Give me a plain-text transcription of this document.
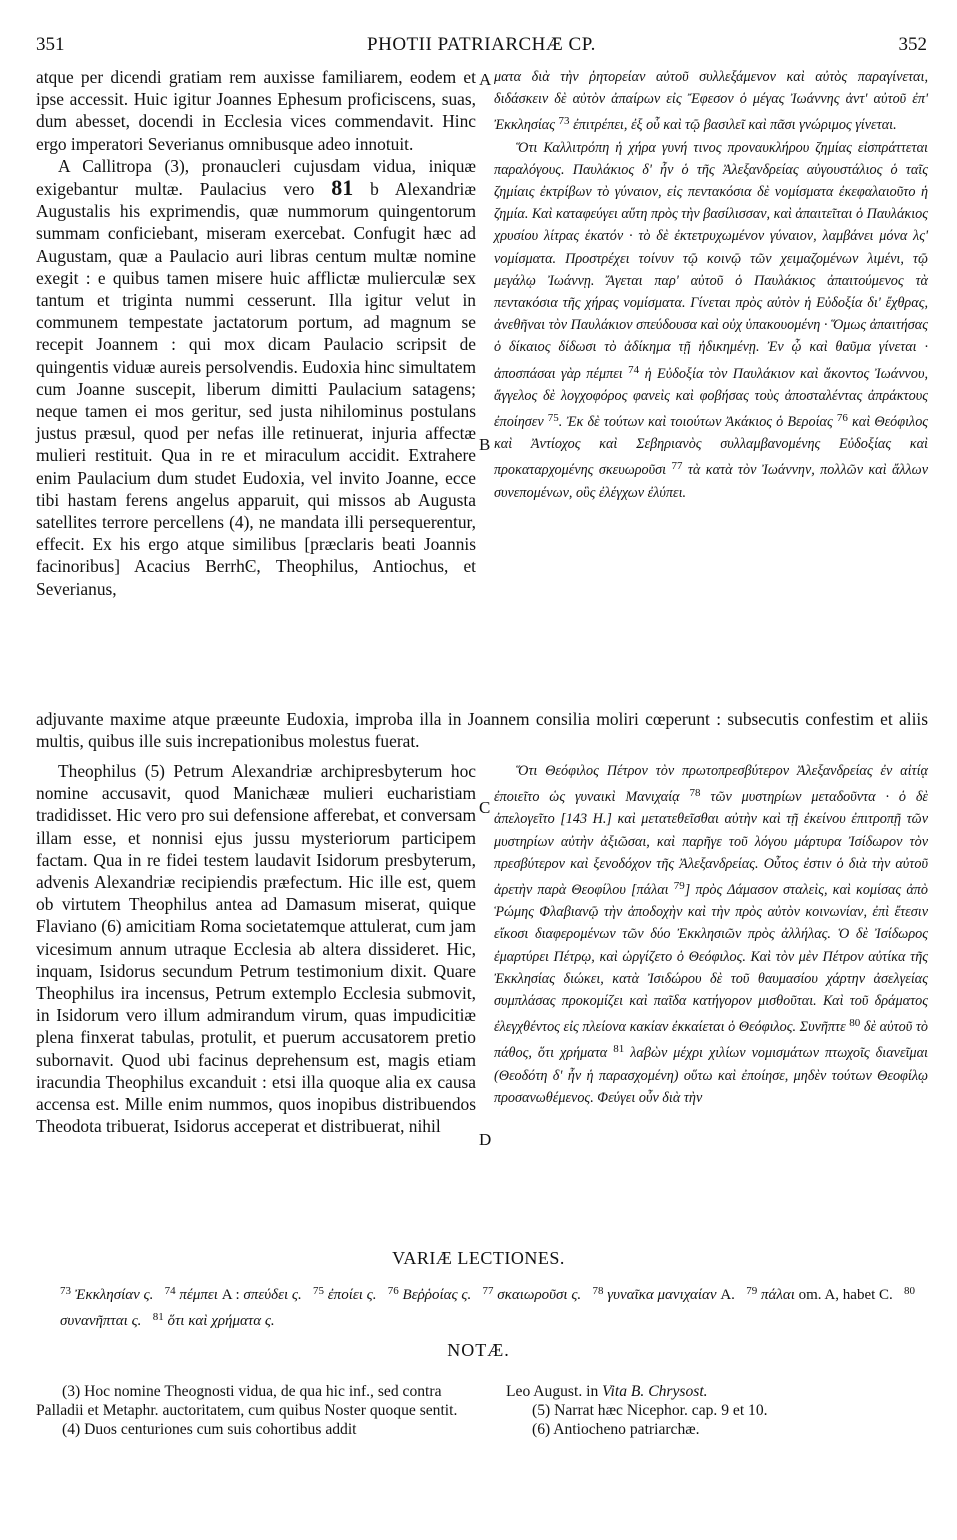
351	PHOTII PATRIARCHÆ CP.	352
A
B
C
D

atque per dicendi gratiam rem auxisse familiarem, eodem et ipse accessit. Huic igitur Joannes Ephesum proficiscens, suas, dum abesset, docendi in Ecclesia vices commendavit. Hinc ergo imperatori Severianus omnibusque adeo innotuit.

A Callitropa (3), pronaucleri cujusdam vidua, iniquæ exigebantur multæ. Paulacius vero 81 b Alexandriæ Augustalis his exprimendis, quæ nummorum quingentorum summam conficiebant, miseram exercebat. Confugit hæc ad Augustam, quæ a Paulacio auri libras centum multæ nomine exegit : e quibus tamen misere huic afflictæ mulierculæ sex tantum et triginta nummi cesserunt. Illa igitur velut in communem tempestate jactatorum portum, ad magnum se recepit Joannem : qui mox dicam Paulacio scripsit de quingentis viduæ aureis persolvendis. Eudoxia hinc simultatem cum Joanne suscepit, liberum dimitti Paulacium satagens; neque tamen ei mos geritur, sed justa nihilominus postulans justus præsul, quod per nefas ille retinuerat, injuria affectæ mulieri restituit. Qua in re et miraculum accidit. Extrahere enim Paulacium dum studet Eudoxia, vel invito Joanne, ecce tibi hastam ferens angelus apparuit, qui missos ab Augusta satellites terrore percellens (4), ne mandata illi persequerentur, effecit. Ex his ergo atque similibus [præclaris beati Joannis facinoribus] Acacius BerrhϾ, Theophilus, Antiochus, et Severianus,

ματα διὰ τὴν ῥητορείαν αὐτοῦ συλλεξάμενον καὶ αὐτὸς παραγίνεται, διδάσκειν δὲ αὐτὸν ἀπαίρων εἰς Ἔφεσον ὁ μέγας Ἰωάννης ἀντ' αὐτοῦ ἐπ' Ἐκκλησίας $^{73}$ ἐπιτρέπει, ἐξ οὗ καὶ τῷ βασιλεῖ καὶ πᾶσι γνώριμος γίνεται.

Ὅτι Καλλιτρόπη ἡ χήρα γυνή τινος προναυκλήρου ζημίας εἰσπράττεται παραλόγους. Παυλάκιος δ' ἦν ὁ τῆς Ἀλεξανδρείας αὐγουστάλιος ὁ ταῖς ζημίαις ἐκτρίβων τὸ γύναιον, εἰς πεντακόσια δὲ νομίσματα ἐκεφαλαιοῦτο ἡ ζημία. Καὶ καταφεύγει αὕτη πρὸς τὴν βασίλισσαν, καὶ ἀπαιτεῖται ὁ Παυλάκιος χρυσίου λίτρας ἑκατόν · τὸ δὲ ἐκτετρυχωμένον γύναιον, λαμβάνει μόνα λς' νομίσματα. Προστρέχει τοίνυν τῷ κοινῷ τῶν χειμαζομένων λιμένι, τῷ μεγάλῳ Ἰωάννῃ. Ἄγεται παρ' αὐτοῦ ὁ Παυλάκιος ἀπαιτούμενος τὰ πεντακόσια τῆς χήρας νομίσματα. Γίνεται πρὸς αὐτὸν ἡ Εὐδοξία δι' ἔχθρας, ἀνεθῆναι τὸν Παυλάκιον σπεύδουσα καὶ οὐχ ὑπακουομένη · Ὅμως ἀπαιτήσας ὁ δίκαιος δίδωσι τὸ ἀδίκημα τῇ ἠδικημένῃ. Ἐν ᾧ καὶ θαῦμα γίνεται · ἀποσπάσαι γὰρ πέμπει $^{74}$ ἡ Εὐδοξία τὸν Παυλάκιον καὶ ἄκοντος Ἰωάννου, ἄγγελος δὲ λογχοφόρος φανεὶς καὶ φοβήσας τοὺς ἀποσταλέντας ἀπράκτους ἐποίησεν $^{75}$. Ἐκ δὲ τούτων καὶ τοιούτων Ἀκάκιος ὁ Βεροίας $^{76}$ καὶ Θεόφιλος καὶ Ἀντίοχος καὶ Σεβηριανὸς συλλαμβανομένης Εὐδοξίας καὶ προκαταρχομένης σκευωροῦσι $^{77}$ τὰ κατὰ τὸν Ἰωάννην, πολλῶν καὶ ἄλλων συνεπομένων, οὓς ἐλέγχων ἐλύπει.

adjuvante maxime atque præeunte Eudoxia, improba illa in Joannem consilia moliri cœperunt : subsecutis confestim et aliis multis, quibus ille suis increpationibus molestus fuerat.

Theophilus (5) Petrum Alexandriæ archipresbyterum hoc nomine accusavit, quod Manichææ mulieri eucharistiam tradidisset. Hic vero pro sui defensione afferebat, et conversam illam esse, et nonnisi ejus jussu mysteriorum participem factam. Qua in re fidei testem laudavit Isidorum presbyterum, advenis Alexandriæ recipiendis præfectum. Hic ille est, quem ob virtutem Theophilus antea ad Damasum miserat, quique Flaviano (6) amicitiam Roma societatemque attulerat, cum jam vicesimum annum utraque Ecclesia ab altera dissideret. Hic, inquam, Isidorus secundum Petrum testimonium dixit. Quare Theophilus ira incensus, Petrum extemplo Ecclesia submovit, in Isidorum vero illum admirandum virum, quas impudicitiæ plena finxerat tabulas, protulit, et puerum accusatorem pretio subornavit. Quod ubi facinus deprehensum est, magis etiam iracundia Theophilus excanduit : etsi illa quoque alia ex causa accensa est. Mille enim nummos, quos inopibus distribuendos Theodota tribuerat, Isidorus acceperat et distribuerat, nihil

Ὅτι Θεόφιλος Πέτρον τὸν πρωτοπρεσβύτερον Ἀλεξανδρείας ἐν αἰτίᾳ ἐποιεῖτο ὡς γυναικὶ Μανιχαίᾳ $^{78}$ τῶν μυστηρίων μεταδοῦντα · ὁ δὲ ἀπελογεῖτο [143 H.] καὶ μετατεθεῖσθαι αὐτὴν καὶ τῇ ἐκείνου ἐπιτροπῇ τῶν μυστηρίων αὐτὴν ἀξιῶσαι, καὶ παρῆγε τοῦ λόγου μάρτυρα Ἰσίδωρον τὸν πρεσβύτερον καὶ ξενοδόχον τῆς Ἀλεξανδρείας. Οὗτος ἐστιν ὁ διὰ τὴν αὐτοῦ ἀρετὴν παρὰ Θεοφίλου [πάλαι $^{79}$] πρὸς Δάμασον σταλεὶς, καὶ κομίσας ἀπὸ Ῥώμης Φλαβιανῷ τὴν ἀποδοχὴν καὶ τὴν πρὸς αὐτὸν κοινωνίαν, ἐπὶ ἔτεσιν εἴκοσι διαφερομένων τῶν δύο Ἐκκλησιῶν πρὸς ἀλλήλας. Ὁ δὲ Ἰσίδωρος ἐμαρτύρει Πέτρῳ, καὶ ὠργίζετο ὁ Θεόφιλος. Καὶ τὸν μὲν Πέτρον αὐτίκα τῆς Ἐκκλησίας διώκει, κατὰ Ἰσιδώρου δὲ τοῦ θαυμασίου χάρτην ἀσελγείας συμπλάσας προκομίζει καὶ παῖδα κατήγορον μισθοῦται. Καὶ τοῦ δράματος ἐλεγχθέντος εἰς πλείονα κακίαν ἐκκαίεται ὁ Θεόφιλος. Συνῆπτε $^{80}$ δὲ αὐτοῦ τὸ πάθος, ὅτι χρήματα $^{81}$ λαβὼν μέχρι χιλίων νομισμάτων πτωχοῖς διανεῖμαι (Θεοδότη δ' ἦν ἡ παρασχομένη) οὕτω καὶ ἐποίησε, μηδὲν τούτων Θεοφίλῳ προσανωθέμενος. Φεύγει οὖν διὰ τὴν

VARIÆ LECTIONES.
$^{73}$ Ἐκκλησίαν ς. $^{74}$ πέμπει A : σπεύδει ς. $^{75}$ ἐποίει ς. $^{76}$ Βεῤῥοίας ς. $^{77}$ σκαιωροῦσι ς. $^{78}$ γυναῖκα μανιχαίαν A. $^{79}$ πάλαι om. A, habet C. $^{80}$ συνανῆπται ς. $^{81}$ ὅτι καὶ χρήματα ς.
NOTÆ.

(3) Hoc nomine Theognosti vidua, de qua hic inf., sed contra Palladii et Metaphr. auctoritatem, cum quibus Noster quoque sentit.

(4) Duos centuriones cum suis cohortibus addit

Leo August. in Vita B. Chrysost.

(5) Narrat hæc Nicephor. cap. 9 et 10.

(6) Antiocheno patriarchæ.
